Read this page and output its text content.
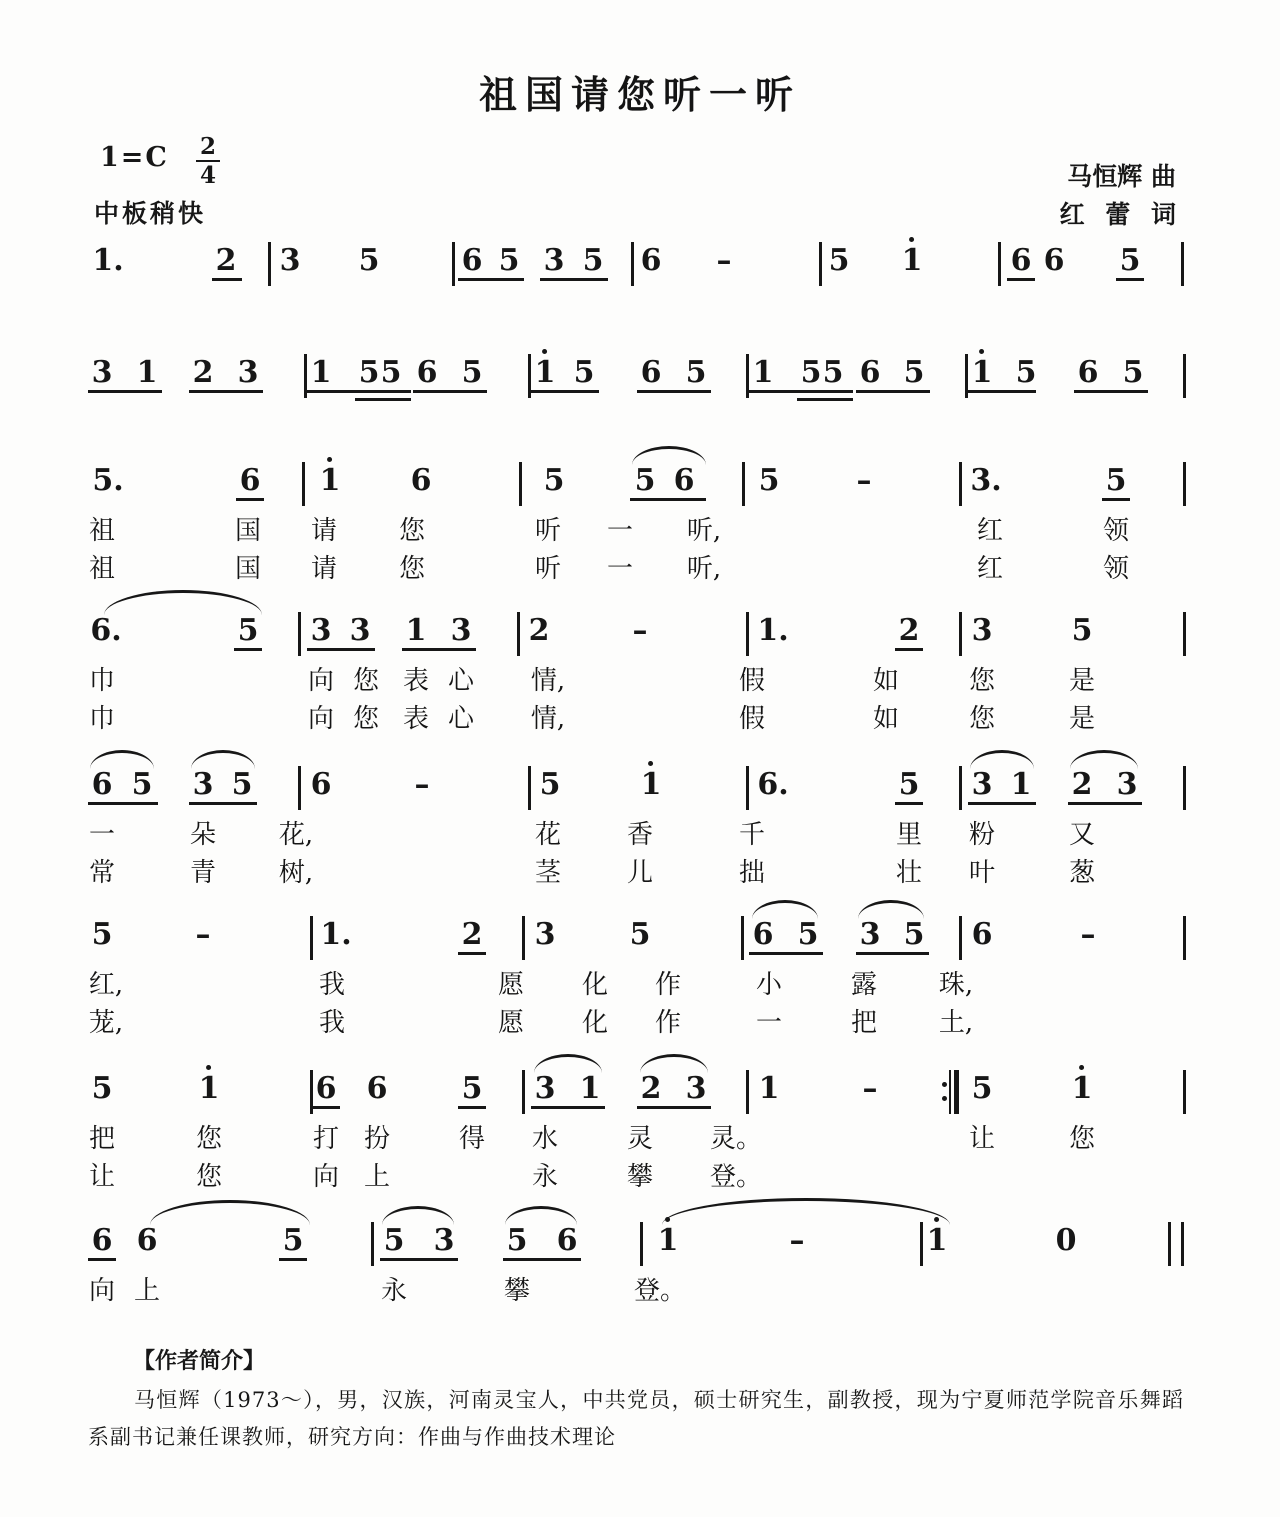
祖国请您听一听
$1=C \frac{2}{4}$
中板稍快
马恒辉 曲
红 蕾 词
【作者简介】
马恒辉（1973～），男，汉族，河南灵宝人，中共党员，硕士研究生，副教授，现为宁夏师范学院音乐舞蹈系副书记兼任课教师，研究方向：作曲与作曲技术理论
1.	2 3 5	6 5 3 5 6 –	5 1	6 6 5
3 1 2 3 1 5 5 6 5 1 5 6 5 1 5 5 6 5 1 5 6 5
5.	6 1 6	5 5 6 5	–	3.	5
祖	国 请 您	听 一 听,	红	领
祖	国 请 您	听 一 听,	红	领
6.	5 3 3 1 3 2	–	1.	2 3	5
巾	向 您 表 心 情,	假	如	您	是
巾	向 您 表 心 情,	假	如	您	是
6 5 3 5 6	–	5	1	6.	5 3 1 2 3
一	朵 花,	花	香	千	里 粉	又
常	青 树,	茎	儿	拙	壮 叶	葱
5	–	1.	2 3 5	6 5 3 5 6	–
红,	我	愿 化 作	小	露 珠,
茏,	我	愿 化 作	一	把 土,
5	1	6 6 5 3 1 2 3 1	–	5	1
把	您	打 扮	得 水	灵 灵。	让	您
让	您	向 上	永	攀 登。
6 6	5	5 3 5 6	1	–	1	0
向 上	永	攀	登。
